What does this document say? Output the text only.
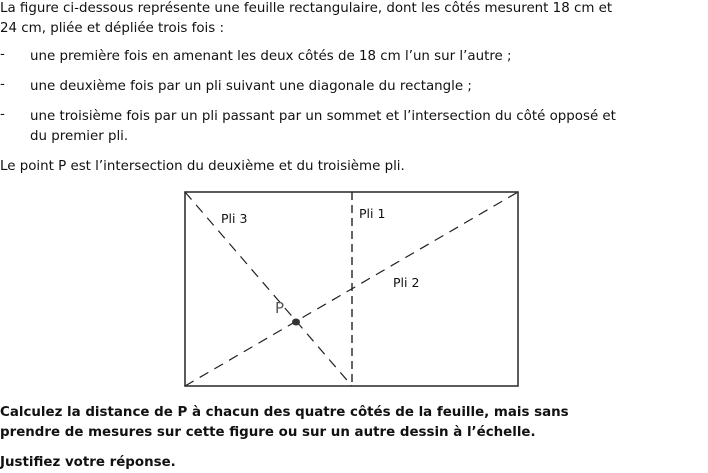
La figure ci-dessous représente une feuille rectangulaire, dont les côtés mesurent 18 cm et

24 cm, pliée et dépliée trois fois :

- une première fois en amenant les deux côtés de 18 cm l’un sur l’autre ;
- une deuxième fois par un pli suivant une diagonale du rectangle ;
- une troisième fois par un pli passant par un sommet et l’intersection du côté opposé et
du premier pli.

Le point P est l’intersection du deuxième et du troisième pli.

Pli 3	Pli 1
Pli 2
P

Calculez la distance de P à chacun des quatre côtés de la feuille, mais sans

prendre de mesures sur cette figure ou sur un autre dessin à l’échelle.

Justifiez votre réponse.
